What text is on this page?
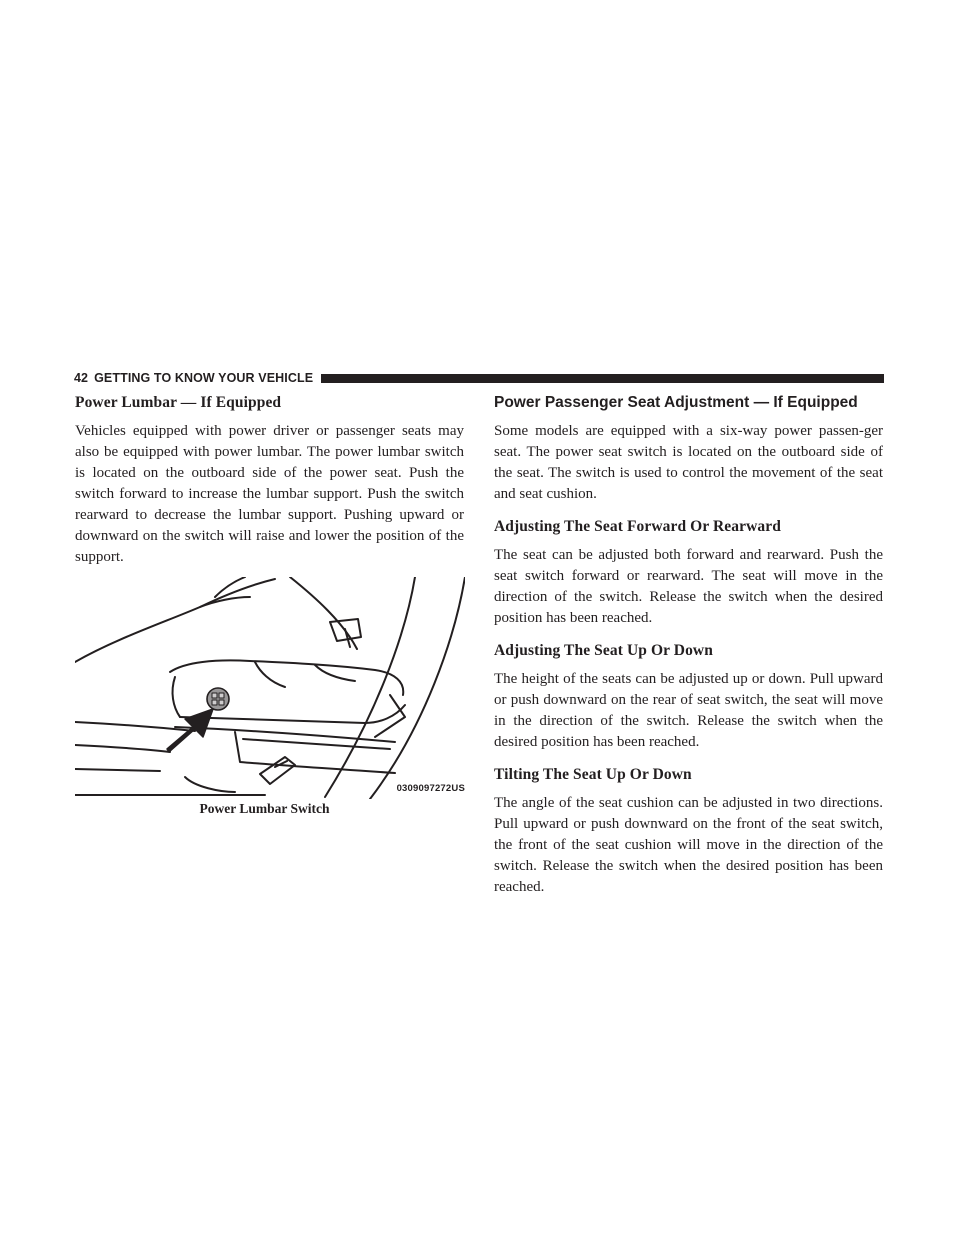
42 GETTING TO KNOW YOUR VEHICLE
Power Lumbar — If Equipped

Vehicles equipped with power driver or passenger seats may also be equipped with power lumbar. The power lumbar switch is located on the outboard side of the power seat. Push the switch forward to increase the lumbar support. Push the switch rearward to decrease the lumbar support. Pushing upward or downward on the switch will raise and lower the position of the support.

0309097272US
Power Lumbar Switch
Power Passenger Seat Adjustment — If Equipped

Some models are equipped with a six-way power passen-ger seat. The power seat switch is located on the outboard side of the seat. The switch is used to control the movement of the seat and seat cushion.

Adjusting The Seat Forward Or Rearward

The seat can be adjusted both forward and rearward. Push the seat switch forward or rearward. The seat will move in the direction of the switch. Release the switch when the desired position has been reached.

Adjusting The Seat Up Or Down

The height of the seats can be adjusted up or down. Pull upward or push downward on the rear of seat switch, the seat will move in the direction of the switch. Release the switch when the desired position has been reached.

Tilting The Seat Up Or Down

The angle of the seat cushion can be adjusted in two directions. Pull upward or push downward on the front of the seat switch, the front of the seat cushion will move in the direction of the switch. Release the switch when the desired position has been reached.
